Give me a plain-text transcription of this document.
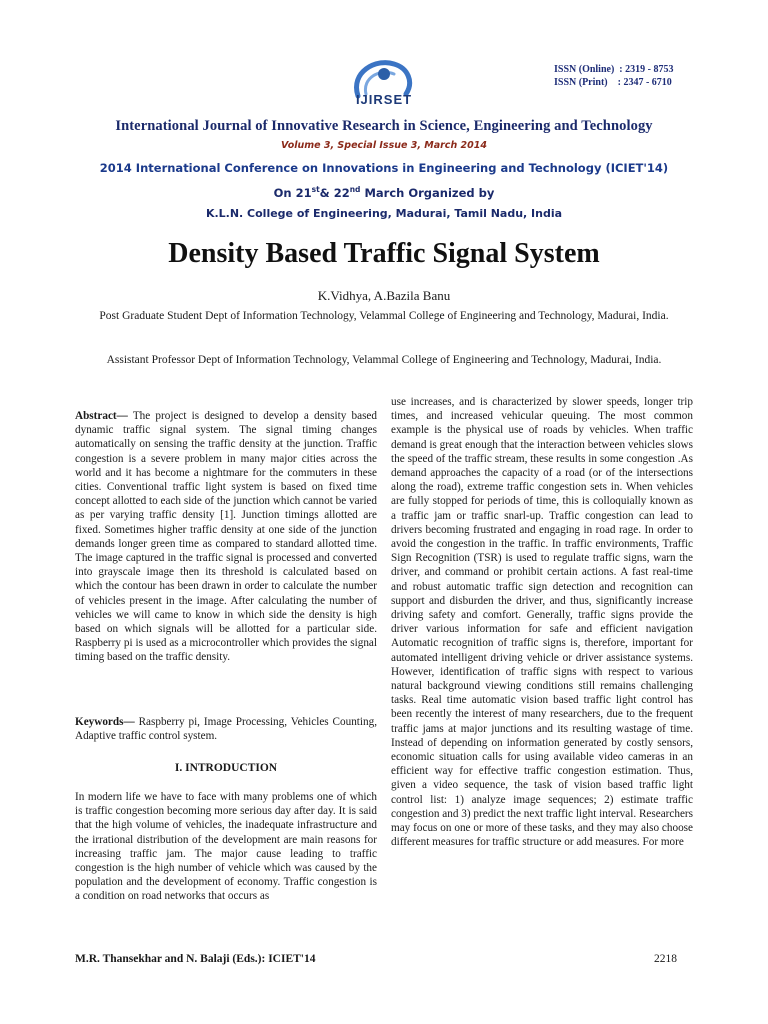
IJIRSET
ISSN (Online)  : 2319 - 8753
ISSN (Print)    : 2347 - 6710
International Journal of Innovative Research in Science, Engineering and Technology
Volume 3, Special Issue 3, March 2014
2014 International Conference on Innovations in Engineering and Technology (ICIET'14)
On 21st& 22nd March Organized by
K.L.N. College of Engineering, Madurai, Tamil Nadu, India
Density Based Traffic Signal System
K.Vidhya, A.Bazila Banu
Post Graduate Student Dept of Information Technology, Velammal College of Engineering and Technology, Madurai, India.
Assistant Professor Dept of Information Technology, Velammal College of Engineering and Technology, Madurai, India.
Abstract— The project is designed to develop a density based dynamic traffic signal system. The signal timing changes automatically on sensing the traffic density at the junction. Traffic congestion is a severe problem in many major cities across the world and it has become a nightmare for the commuters in these cities. Conventional traffic light system is based on fixed time concept allotted to each side of the junction which cannot be varied as per varying traffic density [1]. Junction timings allotted are fixed. Sometimes higher traffic density at one side of the junction demands longer green time as compared to standard allotted time. The image captured in the traffic signal is processed and converted into grayscale image then its threshold is calculated based on which the contour has been drawn in order to calculate the number of vehicles present in the image. After calculating the number of vehicles we will came to know in which side the density is high based on which signals will be allotted for a particular side. Raspberry pi is used as a microcontroller which provides the signal timing based on the traffic density.
Keywords— Raspberry pi, Image Processing, Vehicles Counting, Adaptive traffic control system.
I. INTRODUCTION
In modern life we have to face with many problems one of which is traffic congestion becoming more serious day after day. It is said that the high volume of vehicles, the inadequate infrastructure and the irrational distribution of the development are main reasons for increasing traffic jam. The major cause leading to traffic congestion is the high number of vehicle which was caused by the population and the development of economy. Traffic congestion is a condition on road networks that occurs as
use increases, and is characterized by slower speeds, longer trip times, and increased vehicular queuing. The most common example is the physical use of roads by vehicles. When traffic demand is great enough that the interaction between vehicles slows the speed of the traffic stream, these results in some congestion .As demand approaches the capacity of a road (or of the intersections along the road), extreme traffic congestion sets in. When vehicles are fully stopped for periods of time, this is colloquially known as a traffic jam or traffic snarl-up. Traffic congestion can lead to drivers becoming frustrated and engaging in road rage. In order to avoid the congestion in the traffic. In traffic environments, Traffic Sign Recognition (TSR) is used to regulate traffic signs, warn the driver, and command or prohibit certain actions. A fast real-time and robust automatic traffic sign detection and recognition can support and disburden the driver, and thus, significantly increase driving safety and comfort. Generally, traffic signs provide the driver various information for safe and efficient navigation Automatic recognition of traffic signs is, therefore, important for automated intelligent driving vehicle or driver assistance systems. However, identification of traffic signs with respect to various natural background viewing conditions still remains challenging tasks. Real time automatic vision based traffic light control has been recently the interest of many researchers, due to the frequent traffic jams at major junctions and its resulting wastage of time. Instead of depending on information generated by costly sensors, economic situation calls for using available video cameras in an efficient way for effective traffic congestion estimation. Thus, given a video sequence, the task of vision based traffic light control list: 1) analyze image sequences; 2) estimate traffic congestion and 3) predict the next traffic light interval. Researchers may focus on one or more of these tasks, and they may also choose different measures for traffic structure or add measures. For more
M.R. Thansekhar and N. Balaji (Eds.): ICIET'14	2218
